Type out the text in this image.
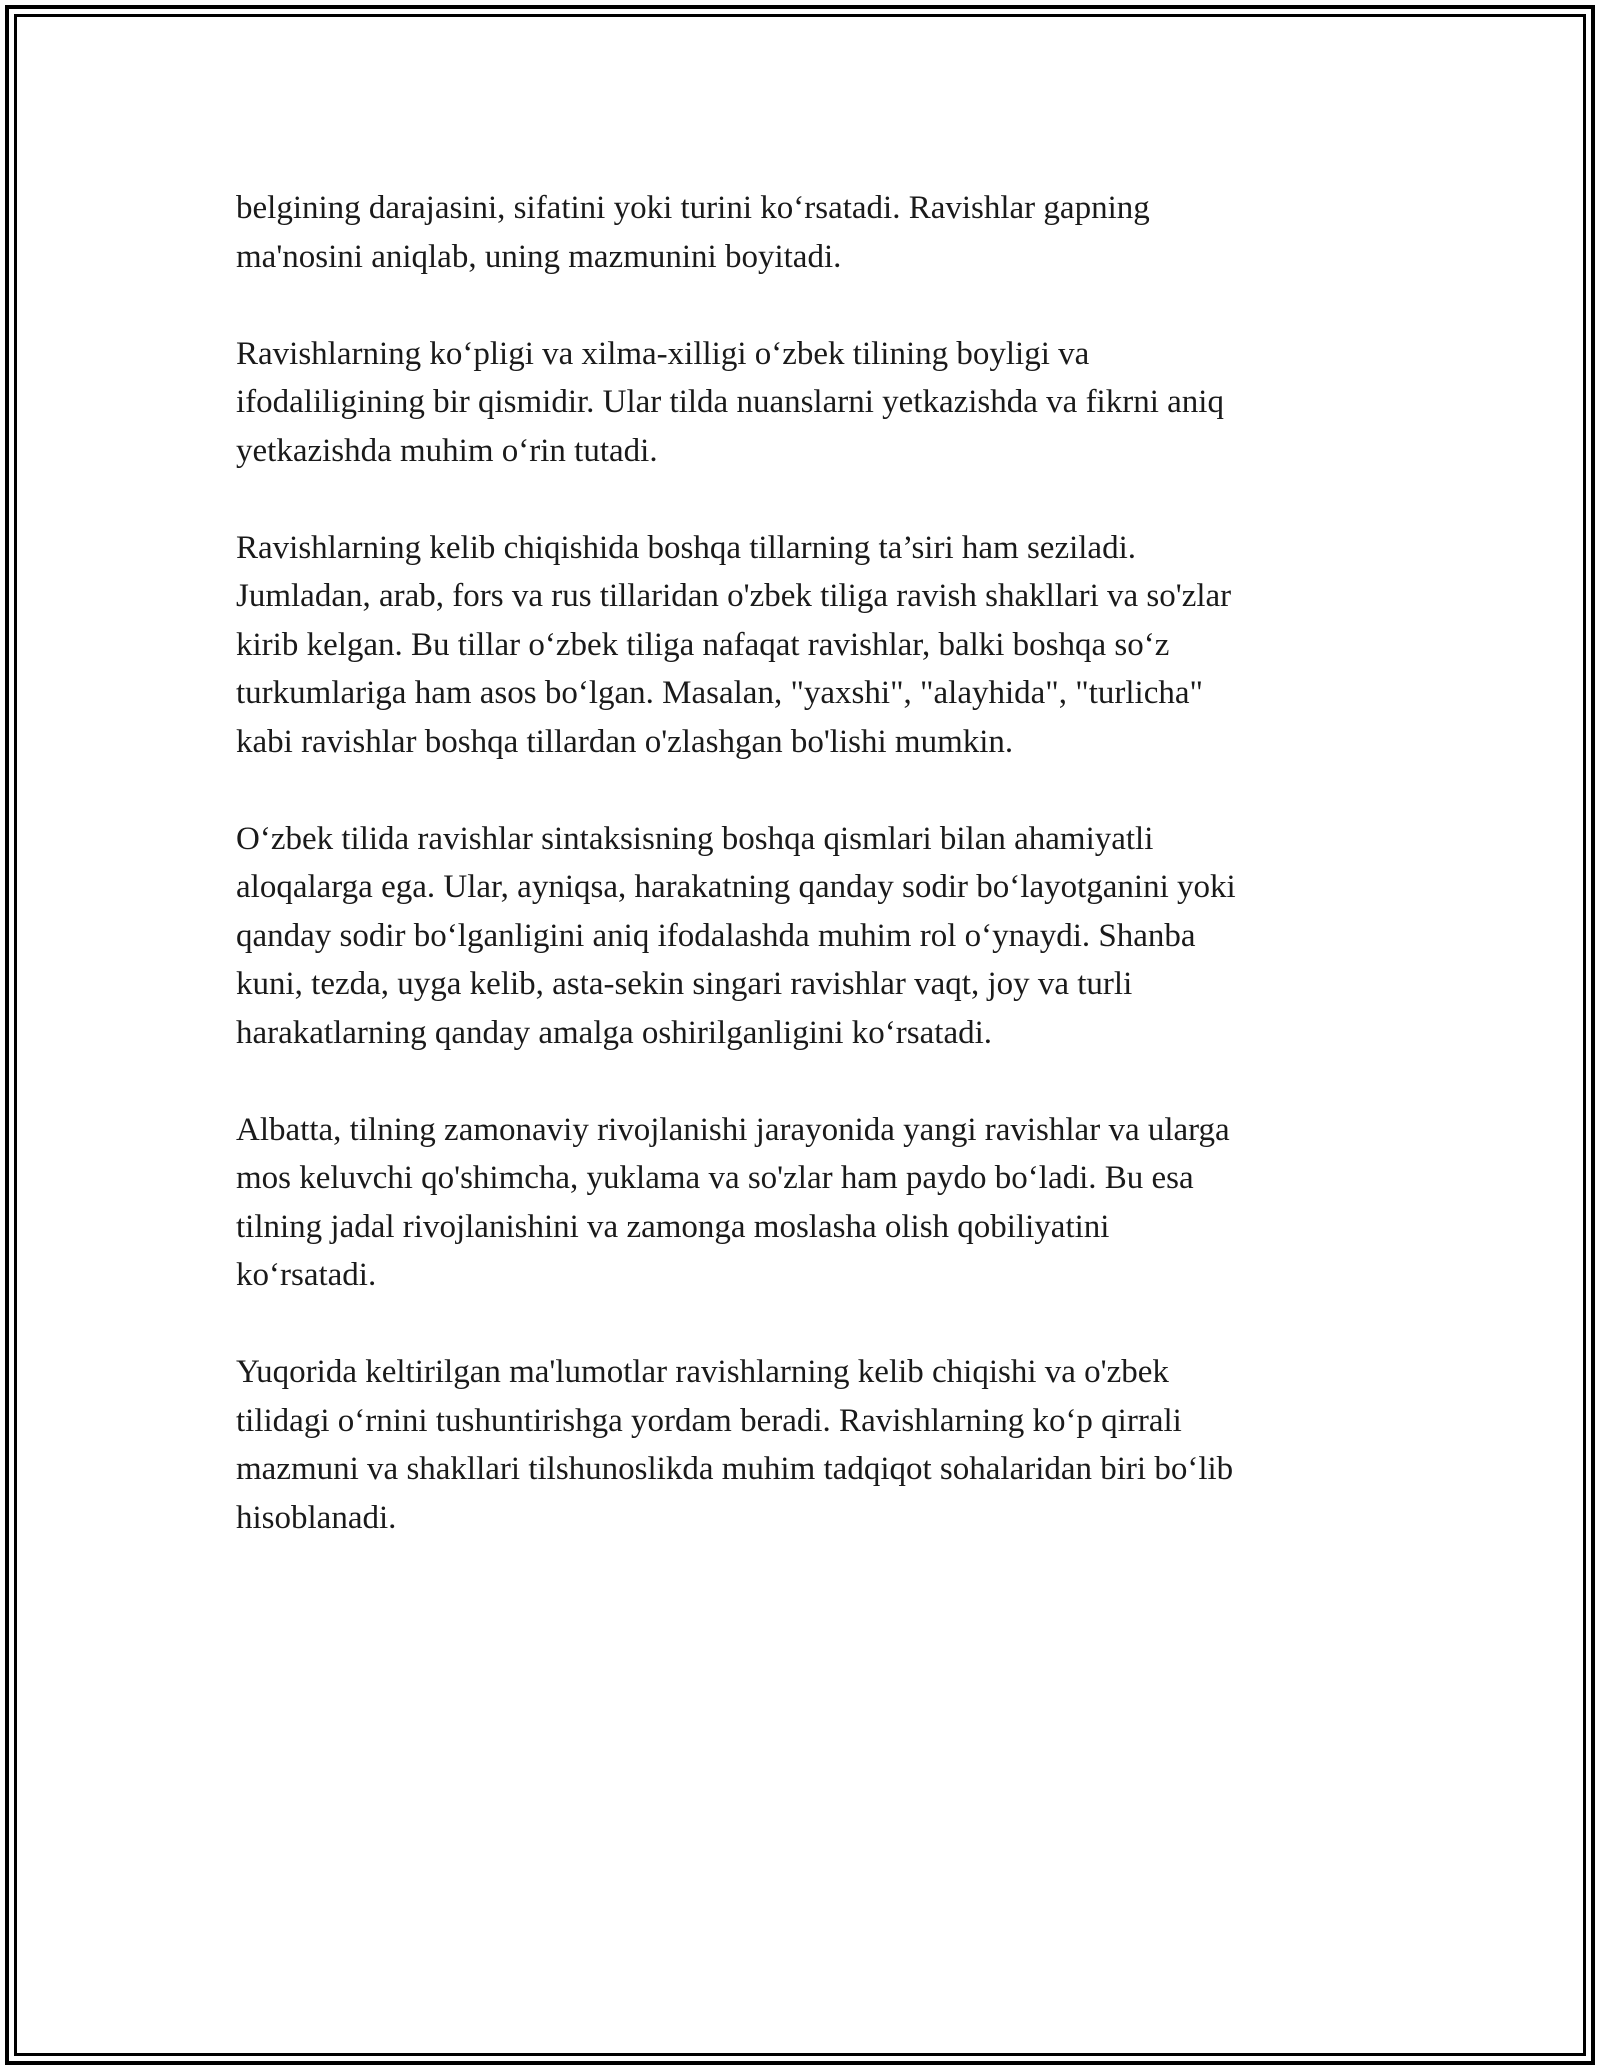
belgining darajasini, sifatini yoki turini ko‘rsatadi. Ravishlar gapning
ma'nosini aniqlab, uning mazmunini boyitadi.

Ravishlarning ko‘pligi va xilma-xilligi o‘zbek tilining boyligi va
ifodaliligining bir qismidir. Ular tilda nuanslarni yetkazishda va fikrni aniq
yetkazishda muhim o‘rin tutadi.

Ravishlarning kelib chiqishida boshqa tillarning ta’siri ham seziladi.
Jumladan, arab, fors va rus tillaridan o'zbek tiliga ravish shakllari va so'zlar
kirib kelgan. Bu tillar o‘zbek tiliga nafaqat ravishlar, balki boshqa so‘z
turkumlariga ham asos bo‘lgan. Masalan, "yaxshi", "alayhida", "turlicha"
kabi ravishlar boshqa tillardan o'zlashgan bo'lishi mumkin.

O‘zbek tilida ravishlar sintaksisning boshqa qismlari bilan ahamiyatli
aloqalarga ega. Ular, ayniqsa, harakatning qanday sodir bo‘layotganini yoki
qanday sodir bo‘lganligini aniq ifodalashda muhim rol o‘ynaydi. Shanba
kuni, tezda, uyga kelib, asta-sekin singari ravishlar vaqt, joy va turli
harakatlarning qanday amalga oshirilganligini ko‘rsatadi.

Albatta, tilning zamonaviy rivojlanishi jarayonida yangi ravishlar va ularga
mos keluvchi qo'shimcha, yuklama va so'zlar ham paydo bo‘ladi. Bu esa
tilning jadal rivojlanishini va zamonga moslasha olish qobiliyatini
ko‘rsatadi.

Yuqorida keltirilgan ma'lumotlar ravishlarning kelib chiqishi va o'zbek
tilidagi o‘rnini tushuntirishga yordam beradi. Ravishlarning ko‘p qirrali
mazmuni va shakllari tilshunoslikda muhim tadqiqot sohalaridan biri bo‘lib
hisoblanadi.
